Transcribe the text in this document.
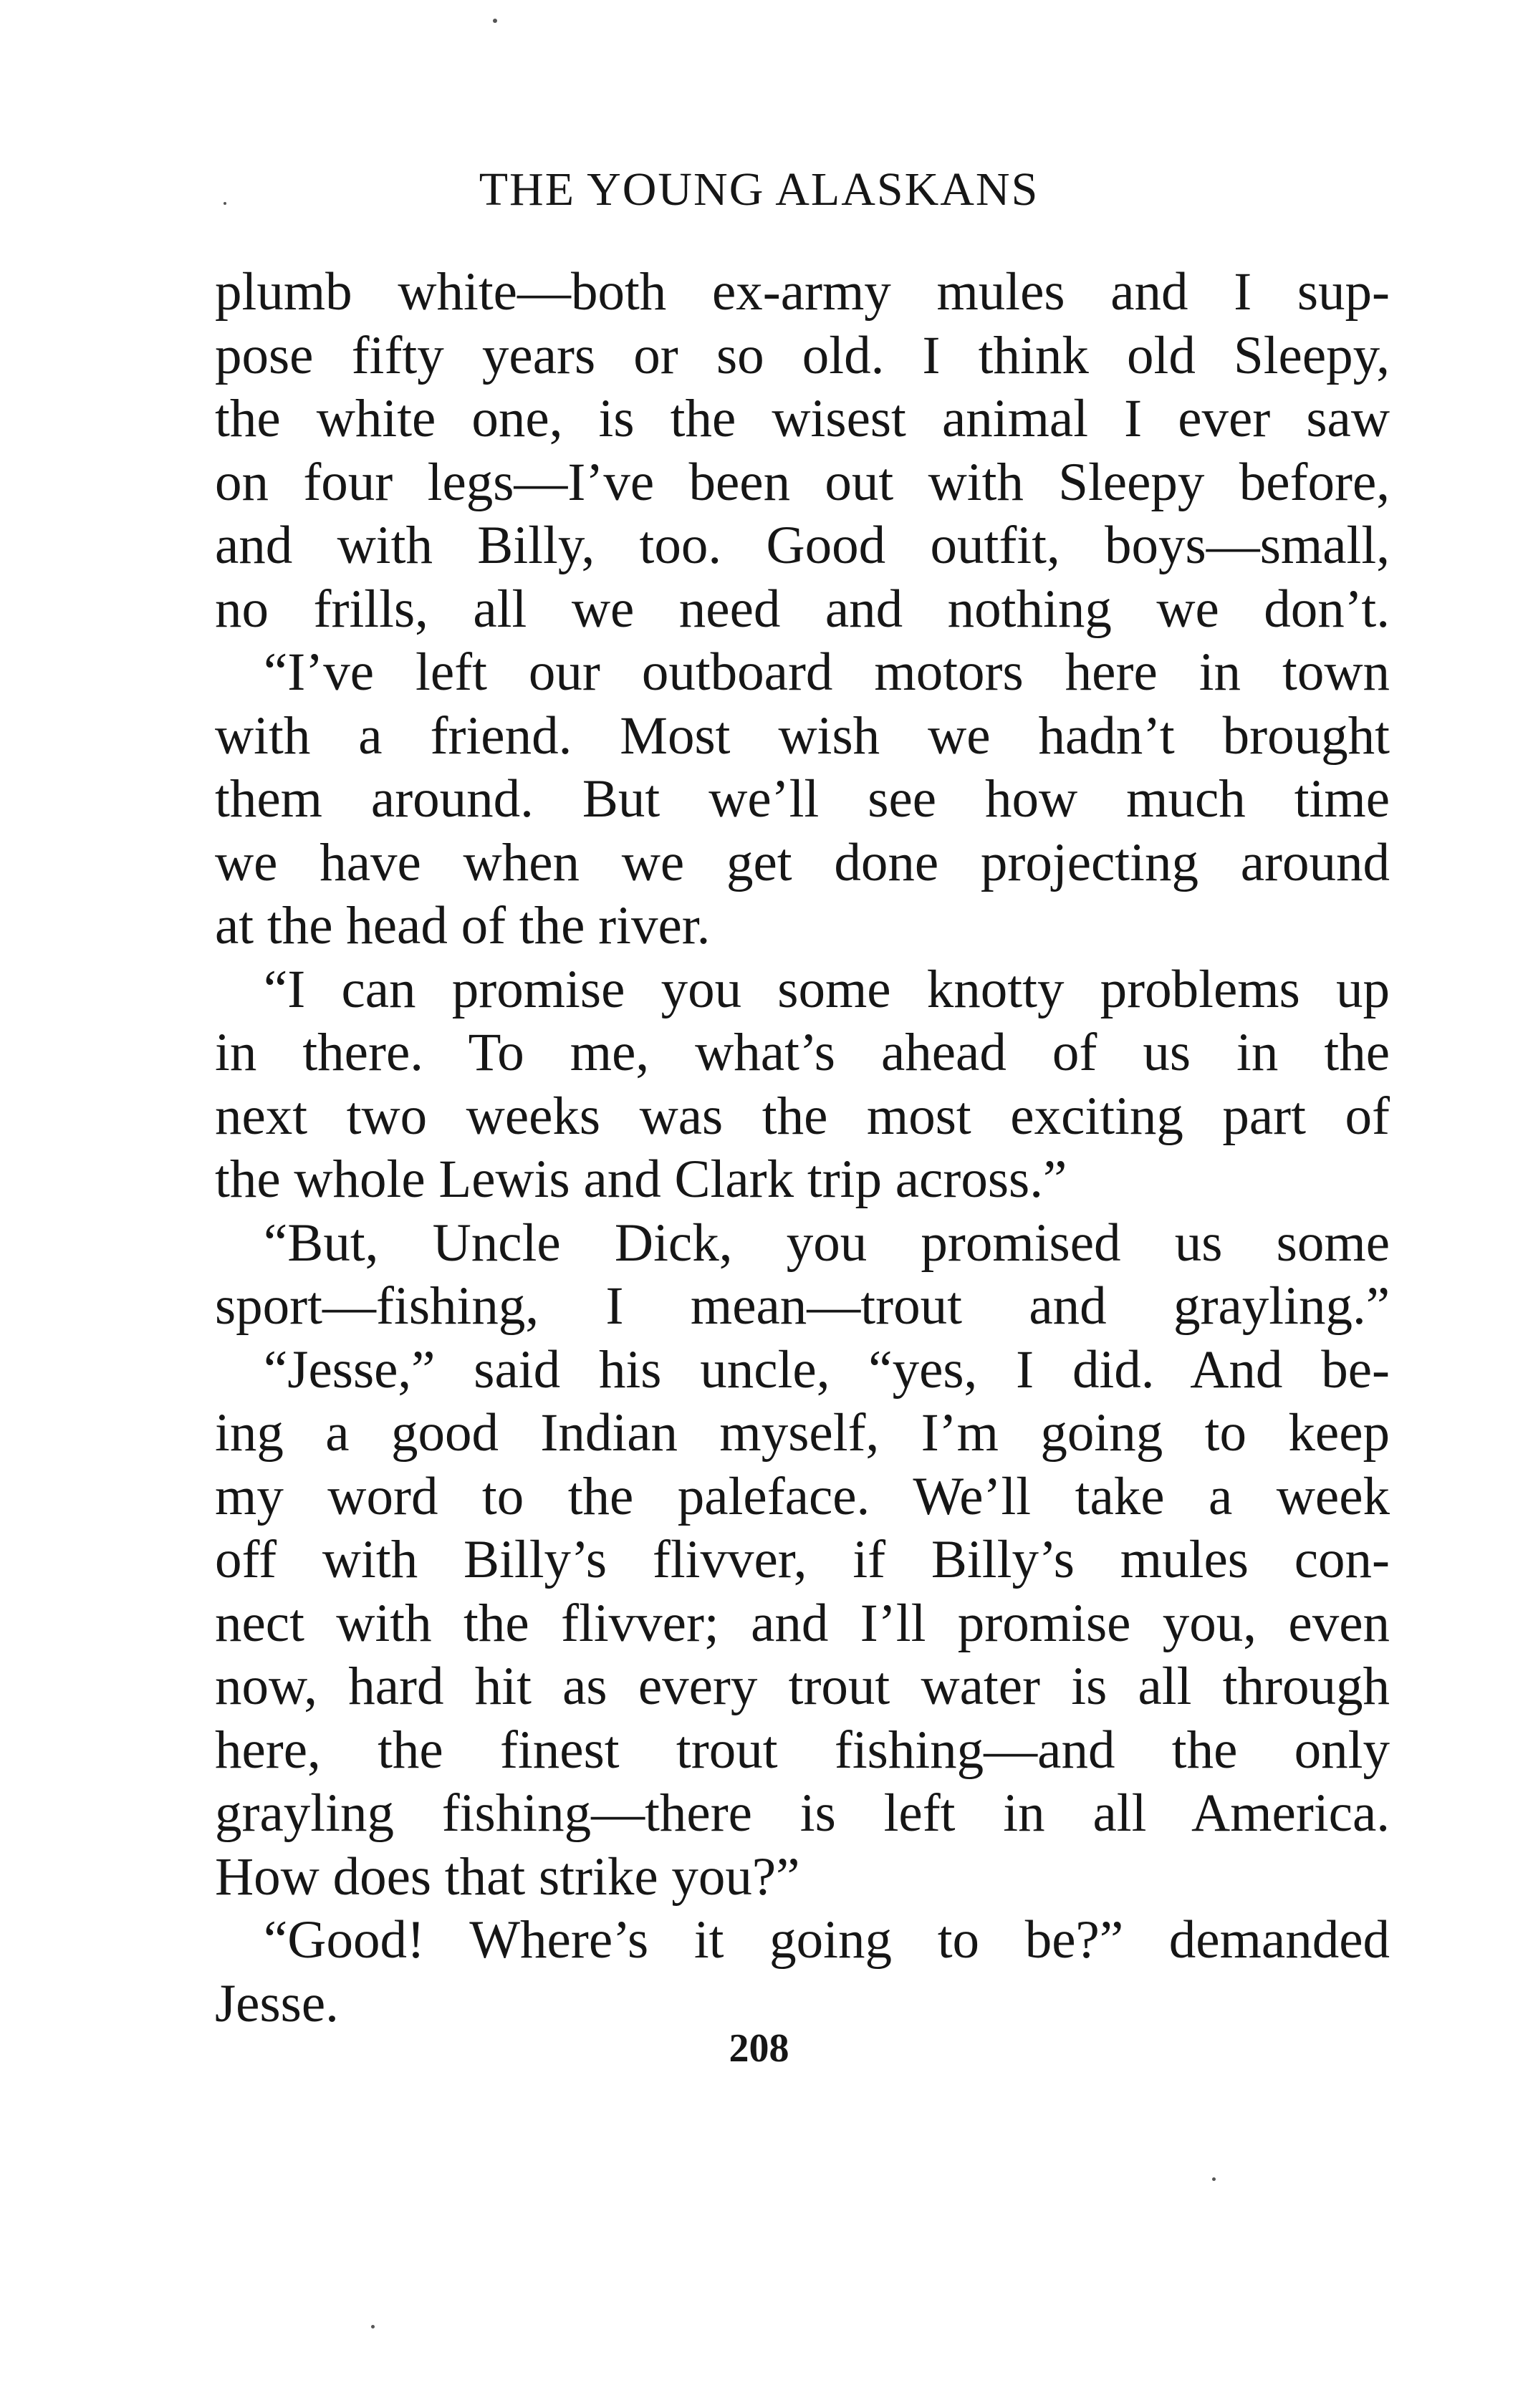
THE YOUNG ALASKANS
plumb white—both ex-army mules and I sup-
pose fifty years or so old. I think old Sleepy,
the white one, is the wisest animal I ever saw
on four legs—I’ve been out with Sleepy before,
and with Billy, too. Good outfit, boys—small,
no frills, all we need and nothing we don’t.
“I’ve left our outboard motors here in town
with a friend. Most wish we hadn’t brought
them around. But we’ll see how much time
we have when we get done projecting around
at the head of the river.
“I can promise you some knotty problems up
in there. To me, what’s ahead of us in the
next two weeks was the most exciting part of
the whole Lewis and Clark trip across.”
“But, Uncle Dick, you promised us some
sport—fishing, I mean—trout and grayling.”
“Jesse,” said his uncle, “yes, I did. And be-
ing a good Indian myself, I’m going to keep
my word to the paleface. We’ll take a week
off with Billy’s flivver, if Billy’s mules con-
nect with the flivver; and I’ll promise you, even
now, hard hit as every trout water is all through
here, the finest trout fishing—and the only
grayling fishing—there is left in all America.
How does that strike you?”
“Good! Where’s it going to be?” demanded
Jesse.
208
